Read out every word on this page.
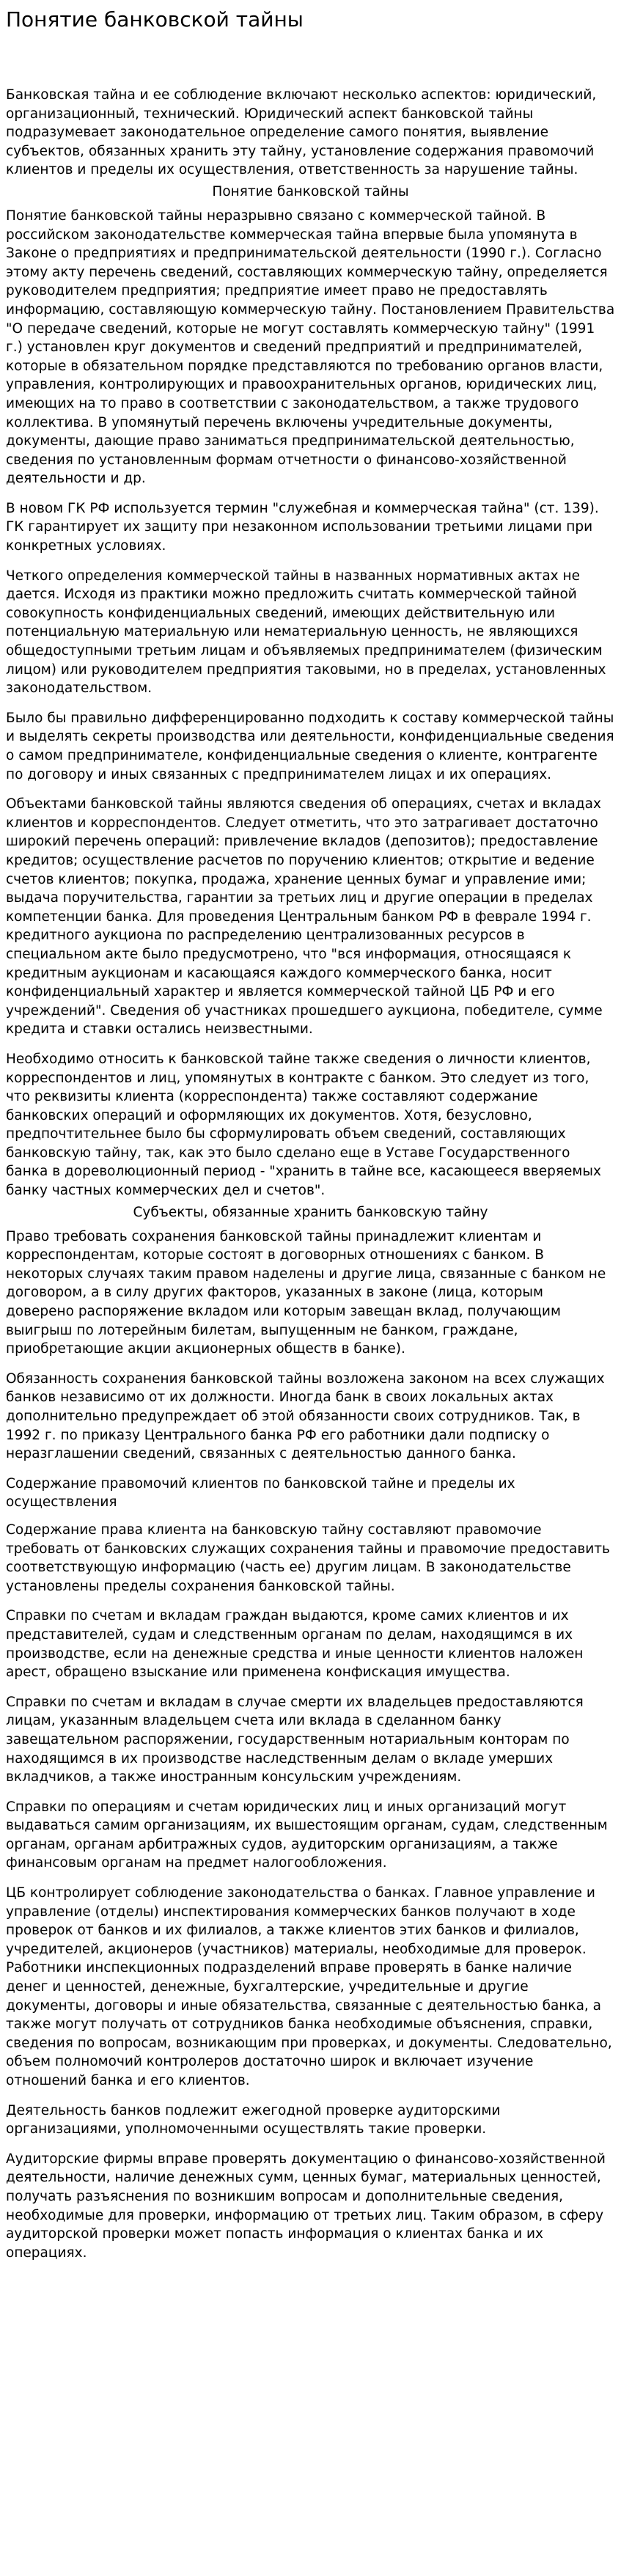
Понятие банковской тайны

Банковская тайна и ее соблюдение включают несколько аспектов: юридический, организационный, технический. Юридический аспект банковской тайны подразумевает законодательное определение самого понятия, выявление субъектов, обязанных хранить эту тайну, установление содержания правомочий клиентов и пределы их осуществления, ответственность за нарушение тайны.

Понятие банковской тайны

Понятие банковской тайны неразрывно связано с коммерческой тайной. В российском законодательстве коммерческая тайна впервые была упомянута в Законе о предприятиях и предпринимательской деятельности (1990 г.). Согласно этому акту перечень сведений, составляющих коммерческую тайну, определяется руководителем предприятия; предприятие имеет право не предоставлять информацию, составляющую коммерческую тайну. Постановлением Правительства "О передаче сведений, которые не могут составлять коммерческую тайну" (1991 г.) установлен круг документов и сведений предприятий и предпринимателей, которые в обязательном порядке представляются по требованию органов власти, управления, контролирующих и правоохранительных органов, юридических лиц, имеющих на то право в соответствии с законодательством, а также трудового коллектива. В упомянутый перечень включены учредительные документы, документы, дающие право заниматься предпринимательской деятельностью, сведения по установленным формам отчетности о финансово-хозяйственной деятельности и др.

В новом ГК РФ используется термин "служебная и коммерческая тайна" (ст. 139). ГК гарантирует их защиту при незаконном использовании третьими лицами при конкретных условиях.

Четкого определения коммерческой тайны в названных нормативных актах не дается. Исходя из практики можно предложить считать коммерческой тайной совокупность конфиденциальных сведений, имеющих действительную или потенциальную материальную или нематериальную ценность, не являющихся общедоступными третьим лицам и объявляемых предпринимателем (физическим лицом) или руководителем предприятия таковыми, но в пределах, установленных законодательством.

Было бы правильно дифференцированно подходить к составу коммерческой тайны и выделять секреты производства или деятельности, конфиденциальные сведения о самом предпринимателе, конфиденциальные сведения о клиенте, контрагенте по договору и иных связанных с предпринимателем лицах и их операциях.

Объектами банковской тайны являются сведения об операциях, счетах и вкладах клиентов и корреспондентов. Следует отметить, что это затрагивает достаточно широкий перечень операций: привлечение вкладов (депозитов); предоставление кредитов; осуществление расчетов по поручению клиентов; открытие и ведение счетов клиентов; покупка, продажа, хранение ценных бумаг и управление ими; выдача поручительства, гарантии за третьих лиц и другие операции в пределах компетенции банка. Для проведения Центральным банком РФ в феврале 1994 г. кредитного аукциона по распределению централизованных ресурсов в специальном акте было предусмотрено, что "вся информация, относящаяся к кредитным аукционам и касающаяся каждого коммерческого банка, носит конфиденциальный характер и является коммерческой тайной ЦБ РФ и его учреждений". Сведения об участниках прошедшего аукциона, победителе, сумме кредита и ставки остались неизвестными.

Необходимо относить к банковской тайне также сведения о личности клиентов, корреспондентов и лиц, упомянутых в контракте с банком. Это следует из того, что реквизиты клиента (корреспондента) также составляют содержание банковских операций и оформляющих их документов. Хотя, безусловно, предпочтительнее было бы сформулировать объем сведений, составляющих банковскую тайну, так, как это было сделано еще в Уставе Государственного банка в дореволюционный период - "хранить в тайне все, касающееся вверяемых банку частных коммерческих дел и счетов".

Субъекты, обязанные хранить банковскую тайну

Право требовать сохранения банковской тайны принадлежит клиентам и корреспондентам, которые состоят в договорных отношениях с банком. В некоторых случаях таким правом наделены и другие лица, связанные с банком не договором, а в силу других факторов, указанных в законе (лица, которым доверено распоряжение вкладом или которым завещан вклад, получающим выигрыш по лотерейным билетам, выпущенным не банком, граждане, приобретающие акции акционерных обществ в банке).

Обязанность сохранения банковской тайны возложена законом на всех служащих банков независимо от их должности. Иногда банк в своих локальных актах дополнительно предупреждает об этой обязанности своих сотрудников. Так, в 1992 г. по приказу Центрального банка РФ его работники дали подписку о неразглашении сведений, связанных с деятельностью данного банка.

Содержание правомочий клиентов по банковской тайне и пределы их осуществления

Содержание права клиента на банковскую тайну составляют правомочие требовать от банковских служащих сохранения тайны и правомочие предоставить соответствующую информацию (часть ее) другим лицам. В законодательстве установлены пределы сохранения банковской тайны.

Справки по счетам и вкладам граждан выдаются, кроме самих клиентов и их представителей, судам и следственным органам по делам, находящимся в их производстве, если на денежные средства и иные ценности клиентов наложен арест, обращено взыскание или применена конфискация имущества.

Справки по счетам и вкладам в случае смерти их владельцев предоставляются лицам, указанным владельцем счета или вклада в сделанном банку завещательном распоряжении, государственным нотариальным конторам по находящимся в их производстве наследственным делам о вкладе умерших вкладчиков, а также иностранным консульским учреждениям.

Справки по операциям и счетам юридических лиц и иных организаций могут выдаваться самим организациям, их вышестоящим органам, судам, следственным органам, органам арбитражных судов, аудиторским организациям, а также финансовым органам на предмет налогообложения.

ЦБ контролирует соблюдение законодательства о банках. Главное управление и управление (отделы) инспектирования коммерческих банков получают в ходе проверок от банков и их филиалов, а также клиентов этих банков и филиалов, учредителей, акционеров (участников) материалы, необходимые для проверок. Работники инспекционных подразделений вправе проверять в банке наличие денег и ценностей, денежные, бухгалтерские, учредительные и другие документы, договоры и иные обязательства, связанные с деятельностью банка, а также могут получать от сотрудников банка необходимые объяснения, справки, сведения по вопросам, возникающим при проверках, и документы. Следовательно, объем полномочий контролеров достаточно широк и включает изучение отношений банка и его клиентов.

Деятельность банков подлежит ежегодной проверке аудиторскими организациями, уполномоченными осуществлять такие проверки.

Аудиторские фирмы вправе проверять документацию о финансово-хозяйственной деятельности, наличие денежных сумм, ценных бумаг, материальных ценностей, получать разъяснения по возникшим вопросам и дополнительные сведения, необходимые для проверки, информацию от третьих лиц. Таким образом, в сферу аудиторской проверки может попасть информация о клиентах банка и их операциях.
